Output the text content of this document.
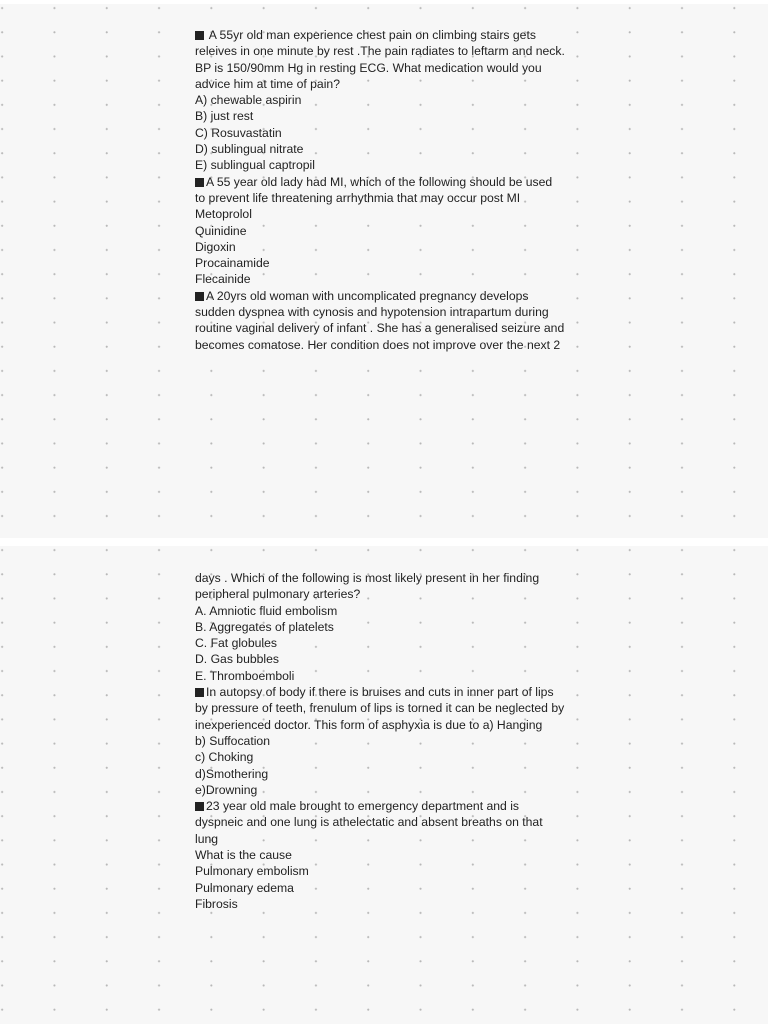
A 55yr old man experience chest pain on climbing stairs gets
releives in one minute by rest .The pain radiates to leftarm and neck.
BP is 150/90mm Hg in resting ECG. What medication would you
advice him at time of pain?
A) chewable aspirin
B) just rest
C) Rosuvastatin
D) sublingual nitrate
E) sublingual captropil
A 55 year old lady had MI, which of the following should be used
to prevent life threatening arrhythmia that may occur post MI
Metoprolol
Quinidine
Digoxin
Procainamide
Flecainide
A 20yrs old woman with uncomplicated pregnancy develops
sudden dyspnea with cynosis and hypotension intrapartum during
routine vaginal delivery of infant . She has a generalised seizure and
becomes comatose. Her condition does not improve over the next 2
days . Which of the following is most likely present in her finding
peripheral pulmonary arteries?
A. Amniotic fluid embolism
B. Aggregates of platelets
C. Fat globules
D. Gas bubbles
E. Thromboemboli
In autopsy of body if there is bruises and cuts in inner part of lips
by pressure of teeth, frenulum of lips is torned it can be neglected by
inexperienced doctor. This form of asphyxia is due to a) Hanging
b) Suffocation
c) Choking
d)Smothering
e)Drowning
23 year old male brought to emergency department and is
dyspneic and one lung is athelectatic and absent breaths on that
lung
What is the cause
Pulmonary embolism
Pulmonary edema
Fibrosis
